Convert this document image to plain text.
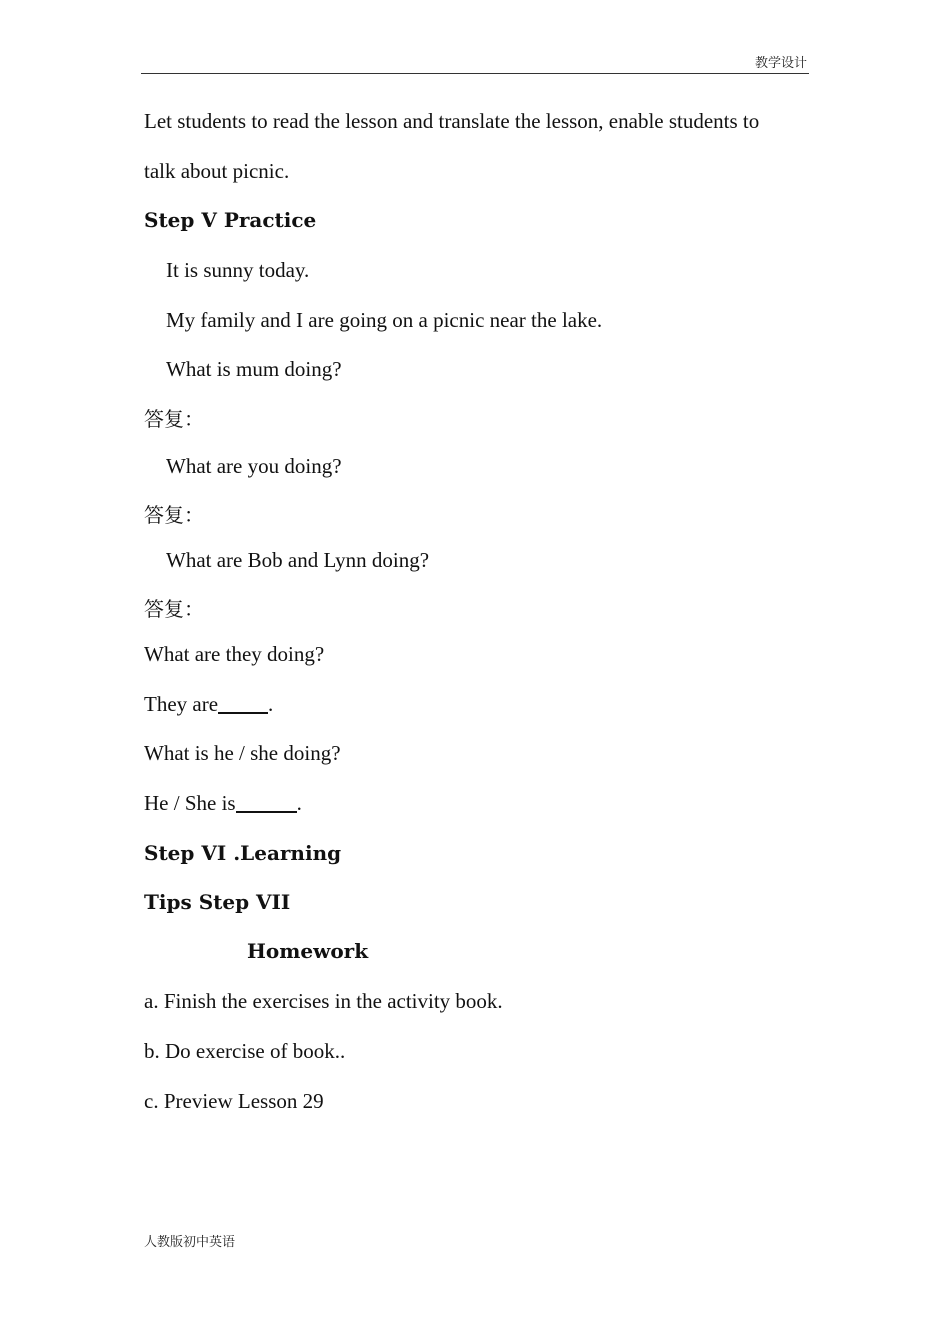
教学设计
Let students to read the lesson and translate the lesson, enable students to
talk about picnic.
Step V Practice
It is sunny today.
My family and I are going on a picnic near the lake.
What is mum doing?
答复：
What are you doing?
答复：
What are Bob and Lynn doing?
答复：
What are they doing?
They are .
What is he / she doing?
He / She is	.
Step VI .Learning
Tips Step VII
Homework
a. Finish the exercises in the activity book.
b. Do exercise of book..
c. Preview Lesson 29
人教版初中英语
